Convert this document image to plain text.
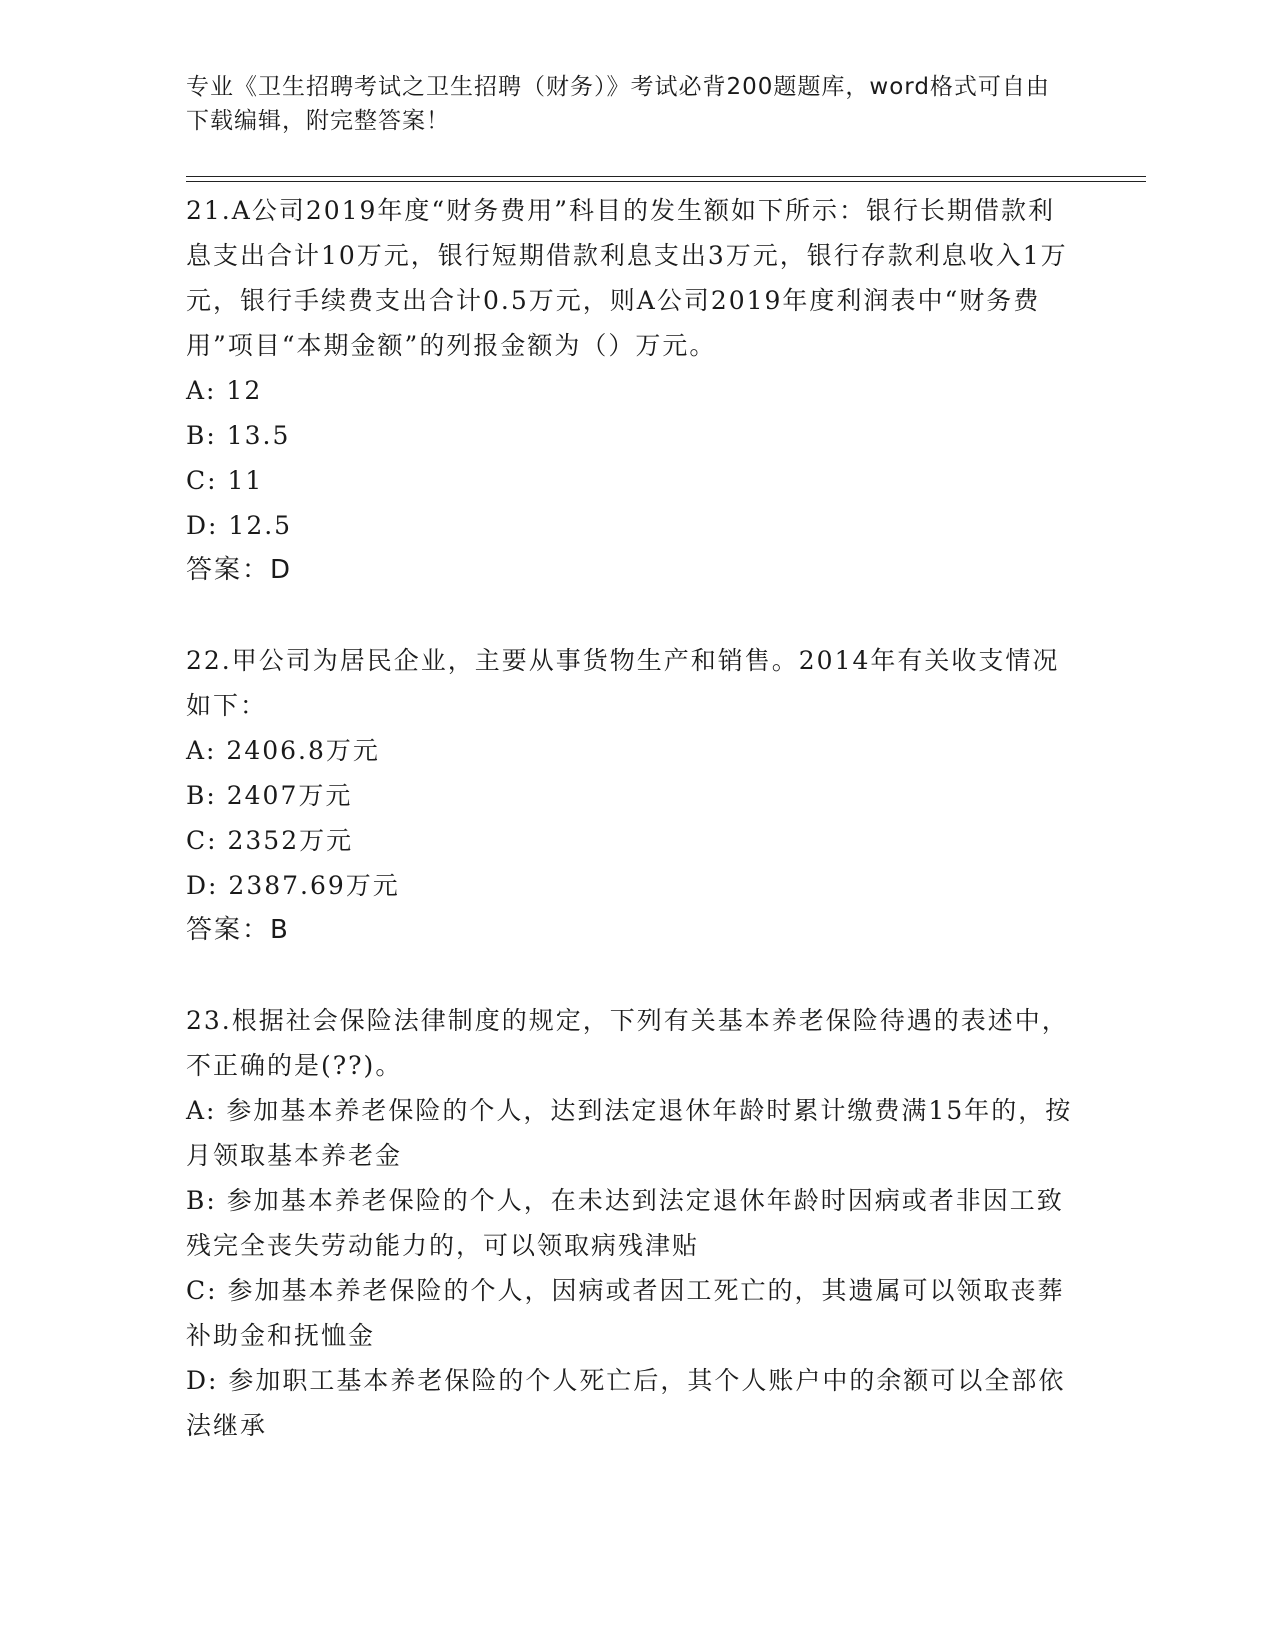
专业《卫生招聘考试之卫生招聘（财务）》考试必背200题题库，word格式可自由下载编辑，附完整答案！

21.A公司2019年度“财务费用”科目的发生额如下所示：银行长期借款利息支出合计10万元，银行短期借款利息支出3万元，银行存款利息收入1万元，银行手续费支出合计0.5万元，则A公司2019年度利润表中“财务费用”项目“本期金额”的列报金额为（）万元。

A: 12

B: 13.5

C: 11

D: 12.5

答案：D

22.甲公司为居民企业，主要从事货物生产和销售。2014年有关收支情况如下：

A: 2406.8万元

B: 2407万元

C: 2352万元

D: 2387.69万元

答案：B

23.根据社会保险法律制度的规定，下列有关基本养老保险待遇的表述中，不正确的是(??)。

A: 参加基本养老保险的个人，达到法定退休年龄时累计缴费满15年的，按月领取基本养老金

B: 参加基本养老保险的个人，在未达到法定退休年龄时因病或者非因工致残完全丧失劳动能力的，可以领取病残津贴

C: 参加基本养老保险的个人，因病或者因工死亡的，其遗属可以领取丧葬补助金和抚恤金

D: 参加职工基本养老保险的个人死亡后，其个人账户中的余额可以全部依法继承
